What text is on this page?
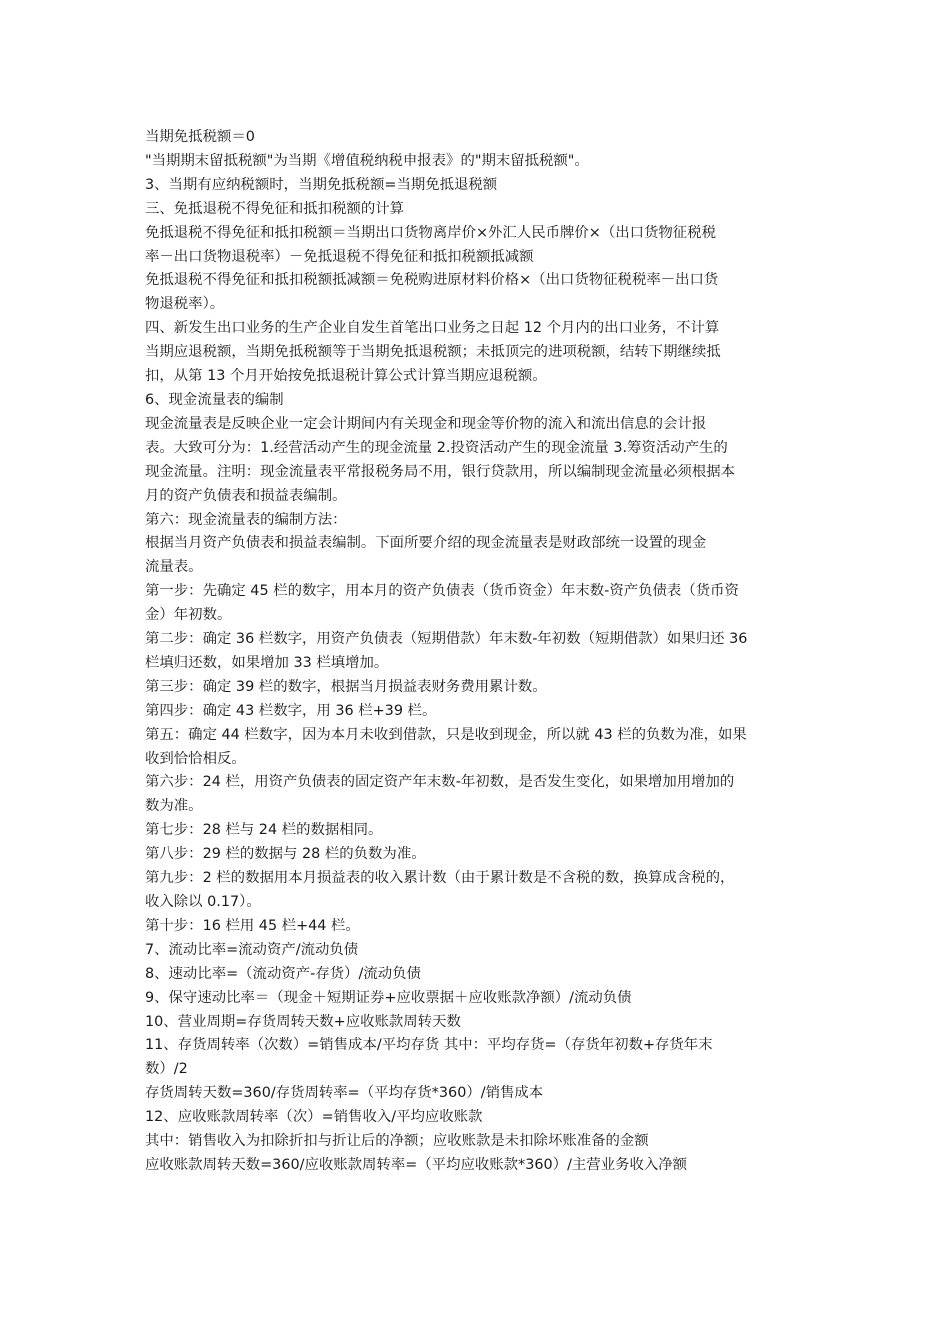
当期免抵税额＝0
"当期期末留抵税额"为当期《增值税纳税申报表》的"期末留抵税额"。
3、当期有应纳税额时，当期免抵税额=当期免抵退税额
三、免抵退税不得免征和抵扣税额的计算
免抵退税不得免征和抵扣税额＝当期出口货物离岸价×外汇人民币牌价×（出口货物征税税
率－出口货物退税率）－免抵退税不得免征和抵扣税额抵减额
免抵退税不得免征和抵扣税额抵减额＝免税购进原材料价格×（出口货物征税税率－出口货
物退税率）。
四、新发生出口业务的生产企业自发生首笔出口业务之日起 12 个月内的出口业务，不计算
当期应退税额，当期免抵税额等于当期免抵退税额；未抵顶完的进项税额，结转下期继续抵
扣，从第 13 个月开始按免抵退税计算公式计算当期应退税额。
6、现金流量表的编制
现金流量表是反映企业一定会计期间内有关现金和现金等价物的流入和流出信息的会计报
表。大致可分为：1.经营活动产生的现金流量 2.投资活动产生的现金流量 3.筹资活动产生的
现金流量。注明：现金流量表平常报税务局不用，银行贷款用，所以编制现金流量必须根据本
月的资产负债表和损益表编制。
第六：现金流量表的编制方法：
根据当月资产负债表和损益表编制。下面所要介绍的现金流量表是财政部统一设置的现金
流量表。
第一步：先确定 45 栏的数字，用本月的资产负债表（货币资金）年末数-资产负债表（货币资
金）年初数。
第二步：确定 36 栏数字，用资产负债表（短期借款）年末数-年初数（短期借款）如果归还 36
栏填归还数，如果增加 33 栏填增加。
第三步：确定 39 栏的数字，根据当月损益表财务费用累计数。
第四步：确定 43 栏数字，用 36 栏+39 栏。
第五：确定 44 栏数字，因为本月未收到借款，只是收到现金，所以就 43 栏的负数为准，如果
收到恰恰相反。
第六步：24 栏，用资产负债表的固定资产年末数-年初数，是否发生变化，如果增加用增加的
数为准。
第七步：28 栏与 24 栏的数据相同。
第八步：29 栏的数据与 28 栏的负数为准。
第九步：2 栏的数据用本月损益表的收入累计数（由于累计数是不含税的数，换算成含税的，
收入除以 0.17）。
第十步：16 栏用 45 栏+44 栏。
7、流动比率=流动资产/流动负债
8、速动比率=（流动资产-存货）/流动负债
9、保守速动比率＝（现金＋短期证券+应收票据＋应收账款净额）/流动负债
10、营业周期=存货周转天数+应收账款周转天数
11、存货周转率（次数）=销售成本/平均存货 其中：平均存货=（存货年初数+存货年末
数）/2
存货周转天数=360/存货周转率=（平均存货*360）/销售成本
12、应收账款周转率（次）=销售收入/平均应收账款
其中：销售收入为扣除折扣与折让后的净额；应收账款是未扣除坏账准备的金额
应收账款周转天数=360/应收账款周转率=（平均应收账款*360）/主营业务收入净额
